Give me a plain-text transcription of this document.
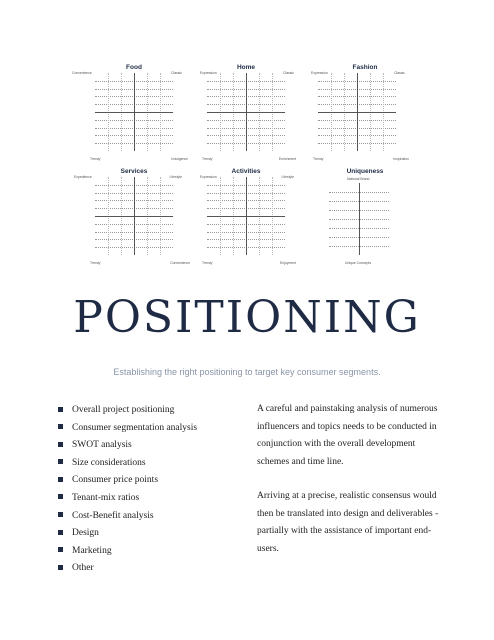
Food
Convenience	Classic
Trendy	Indulgence
Home
Expression	Classic
Trendy	Enrichment
Fashion
Expression	Classic
Trendy	Inspiration
Services
Expedience	Lifestyle
Trendy	Convenience
Activities
Expression	Lifestyle
Trendy	Enjoyment
Uniqueness
National Brand
Unique Concepts
POSITIONING

Establishing the right positioning to target key consumer segments.

Overall project positioning
Consumer segmentation analysis
SWOT analysis
Size considerations
Consumer price points
Tenant-mix ratios
Cost-Benefit analysis
Design
Marketing
Other

A careful and painstaking analysis of numerous influencers and topics needs to be conducted in conjunction with the overall development schemes and time line.

Arriving at a precise, realistic consensus would then be translated into design and deliverables - partially with the assistance of important end-users.
